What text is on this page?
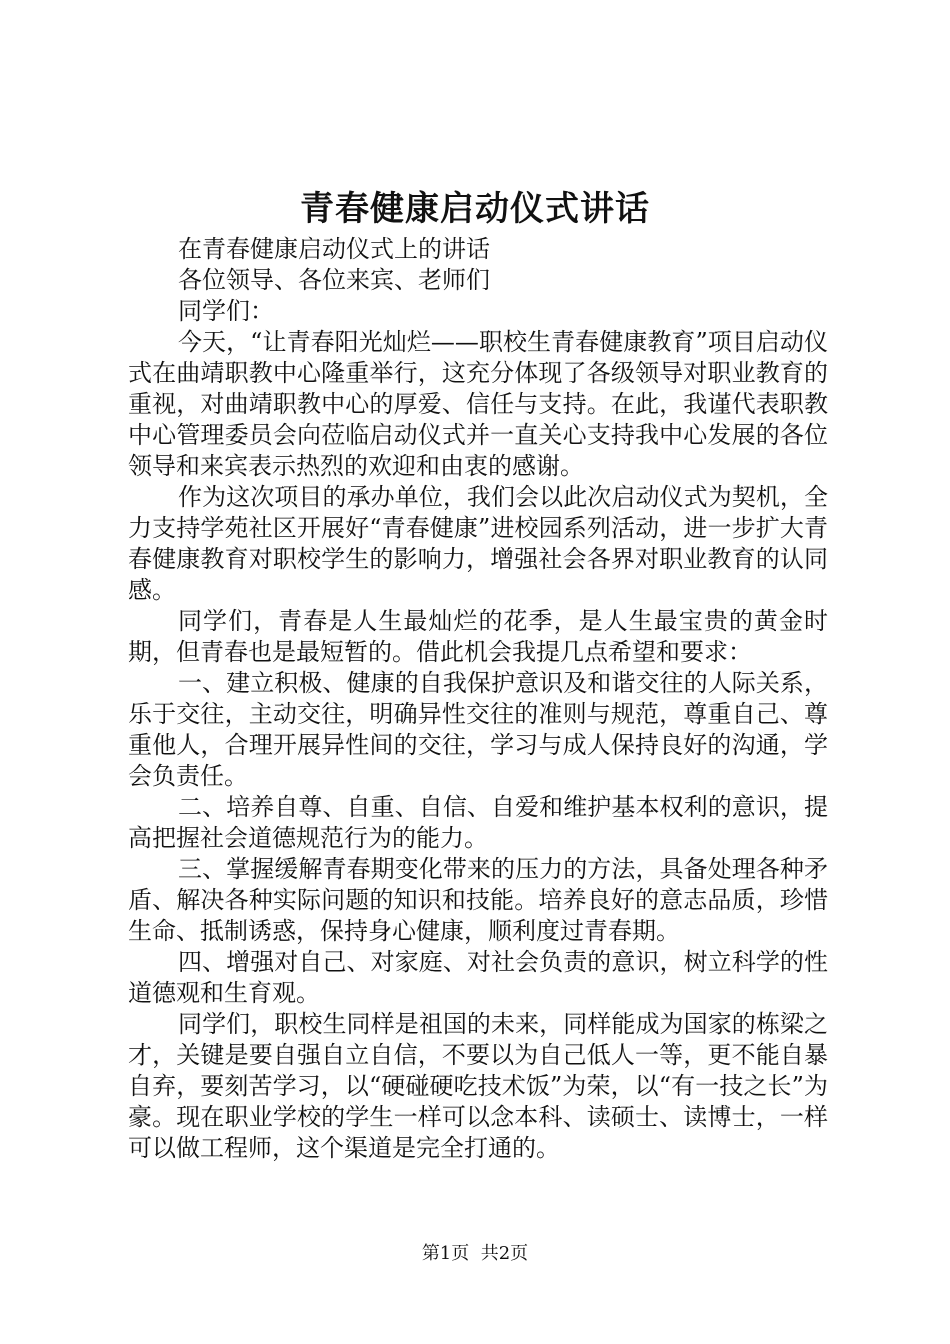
青春健康启动仪式讲话

在青春健康启动仪式上的讲话

各位领导、各位来宾、老师们

同学们：

今天，“让青春阳光灿烂——职校生青春健康教育”项目启动仪式在曲靖职教中心隆重举行，这充分体现了各级领导对职业教育的重视，对曲靖职教中心的厚爱、信任与支持。在此，我谨代表职教中心管理委员会向莅临启动仪式并一直关心支持我中心发展的各位领导和来宾表示热烈的欢迎和由衷的感谢。

作为这次项目的承办单位，我们会以此次启动仪式为契机，全力支持学苑社区开展好“青春健康”进校园系列活动，进一步扩大青春健康教育对职校学生的影响力，增强社会各界对职业教育的认同感。

同学们，青春是人生最灿烂的花季，是人生最宝贵的黄金时期，但青春也是最短暂的。借此机会我提几点希望和要求：

一、建立积极、健康的自我保护意识及和谐交往的人际关系，乐于交往，主动交往，明确异性交往的准则与规范，尊重自己、尊重他人，合理开展异性间的交往，学习与成人保持良好的沟通，学会负责任。

二、培养自尊、自重、自信、自爱和维护基本权利的意识，提高把握社会道德规范行为的能力。

三、掌握缓解青春期变化带来的压力的方法，具备处理各种矛盾、解决各种实际问题的知识和技能。培养良好的意志品质，珍惜生命、抵制诱惑，保持身心健康，顺利度过青春期。

四、增强对自己、对家庭、对社会负责的意识，树立科学的性道德观和生育观。

同学们，职校生同样是祖国的未来，同样能成为国家的栋梁之才，关键是要自强自立自信，不要以为自己低人一等，更不能自暴自弃，要刻苦学习，以“硬碰硬吃技术饭”为荣，以“有一技之长”为豪。现在职业学校的学生一样可以念本科、读硕士、读博士，一样可以做工程师，这个渠道是完全打通的。

第1页 共2页
